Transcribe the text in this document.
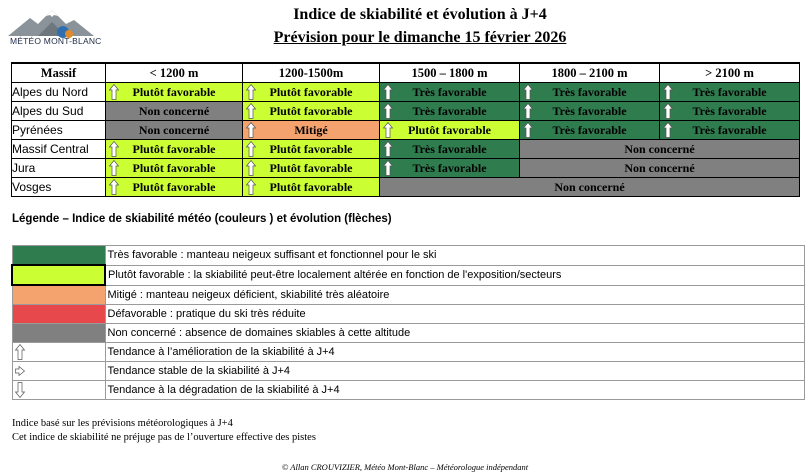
MÉTÉO MONT-BLANC
Indice de skiabilité et évolution à J+4
Prévision pour le dimanche 15 février 2026
Massif	< 1200 m	1200-1500m	1500 – 1800 m	1800 – 2100 m	> 2100 m
Alpes du Nord	Plutôt favorable	Plutôt favorable	Très favorable	Très favorable	Très favorable
Alpes du Sud	Non concerné	Plutôt favorable	Très favorable	Très favorable	Très favorable
Pyrénées	Non concerné	Mitigé	Plutôt favorable	Très favorable	Très favorable
Massif Central	Plutôt favorable	Plutôt favorable	Très favorable	Non concerné	
Jura	Plutôt favorable	Plutôt favorable	Très favorable	Non concerné	
Vosges	Plutôt favorable	Plutôt favorable	Non concerné		
Légende – Indice de skiabilité météo (couleurs ) et évolution (flèches)
	Très favorable : manteau neigeux suffisant et fonctionnel pour le ski
	Plutôt favorable : la skiabilité peut-être localement altérée en fonction de l'exposition/secteurs
	Mitigé : manteau neigeux déficient, skiabilité très aléatoire
	Défavorable : pratique du ski très réduite
	Non concerné : absence de domaines skiables à cette altitude

	Tendance à l’amélioration de la skiabilité à J+4

	Tendance stable de la skiabilité à J+4

	Tendance à la dégradation de la skiabilité à J+4
Indice basé sur les prévisions météorologiques à J+4
Cet indice de skiabilité ne préjuge pas de l’ouverture effective des pistes
© Allan CROUVIZIER, Météo Mont-Blanc – Météorologue indépendant
